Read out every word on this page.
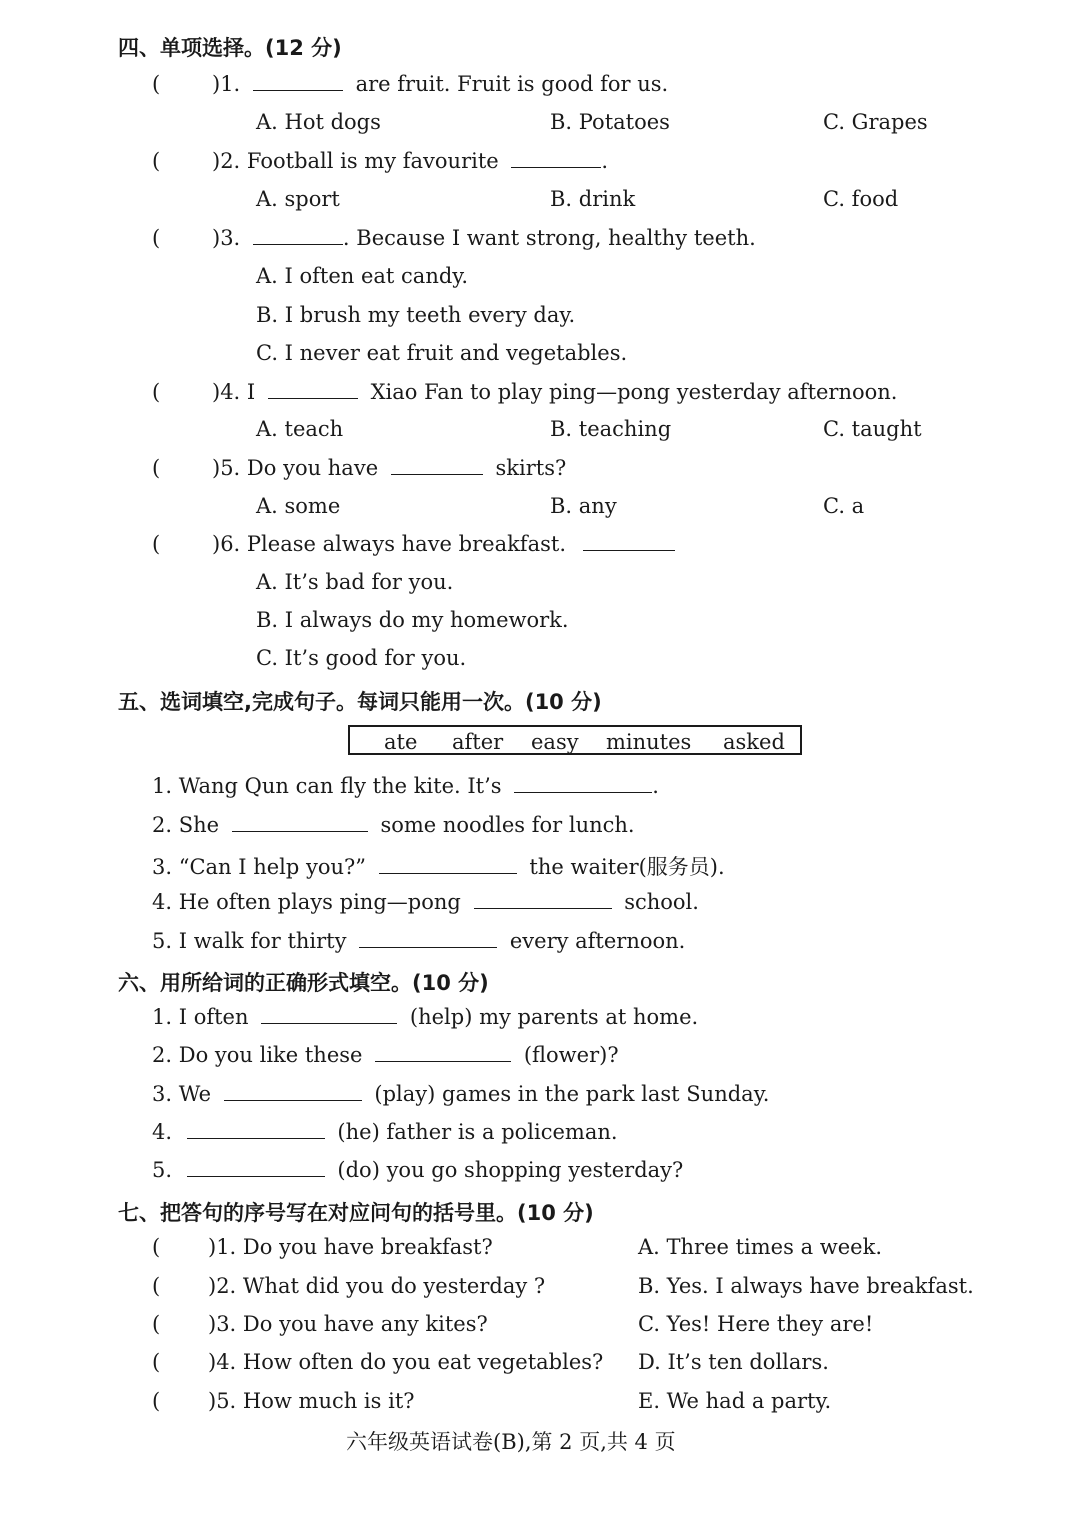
四、单项选择。(12 分)
( )1.	are fruit. Fruit is good for us.
A. Hot dogs	B. Potatoes	C. Grapes
( )2. Football is my favourite	.
A. sport	B. drink	C. food
( )3.	. Because I want strong, healthy teeth.
A. I often eat candy.
B. I brush my teeth every day.
C. I never eat fruit and vegetables.
( )4. I	Xiao Fan to play ping—pong yesterday afternoon.
A. teach	B. teaching	C. taught
( )5. Do you have	skirts?
A. some	B. any	C. a
( )6. Please always have breakfast.
A. It’s bad for you.
B. I always do my homework.
C. It’s good for you.
五、选词填空,完成句子。每词只能用一次。(10 分)
ate after easy minutes asked
1. Wang Qun can fly the kite. It’s	.
2. She	some noodles for lunch.
3. “Can I help you?”	the waiter(服务员).
4. He often plays ping—pong	school.
5. I walk for thirty	every afternoon.
六、用所给词的正确形式填空。(10 分)
1. I often	(help) my parents at home.
2. Do you like these	(flower)?
3. We	(play) games in the park last Sunday.
4.	(he) father is a policeman.
5.	(do) you go shopping yesterday?
七、把答句的序号写在对应问句的括号里。(10 分)
( )1. Do you have breakfast?	A. Three times a week.
( )2. What did you do yesterday ?	B. Yes. I always have breakfast.
( )3. Do you have any kites?	C. Yes! Here they are!
( )4. How often do you eat vegetables? D. It’s ten dollars.
( )5. How much is it?	E. We had a party.
六年级英语试卷(B),第 2 页,共 4 页
